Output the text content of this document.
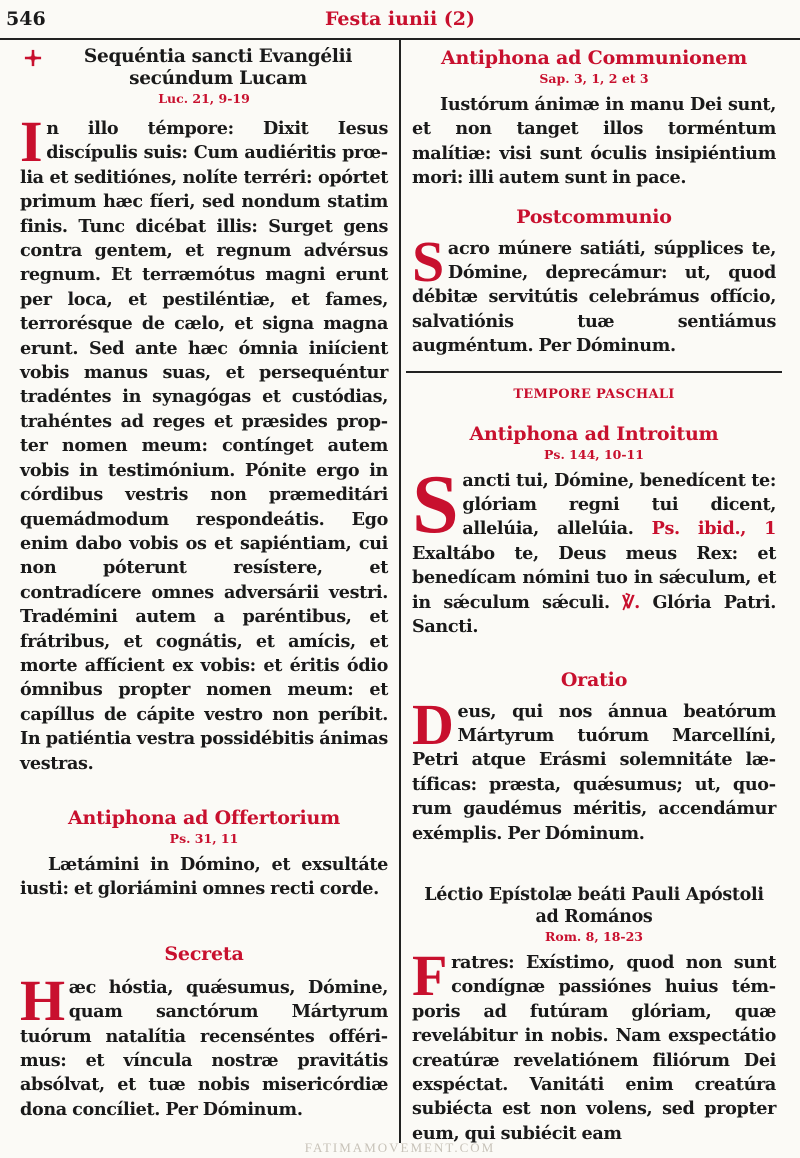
546	Festa iunii (2)
Sequéntia sancti Evangélii secúndum Lucam
Luc. 21, 9-19

In illo témpore: Dixit Iesus discípulis suis: Cum audiéritis prœlia et seditiónes, nolíte terréri: opórtet primum hæc fíeri, sed nondum statim finis. Tunc dicébat illis: Surget gens contra gentem, et regnum advérsus regnum. Et terræmótus magni erunt per loca, et pestiléntiæ, et fames, terrorésque de cælo, et signa magna erunt. Sed ante hæc ómnia iniícient vobis manus suas, et persequéntur tradéntes in synagógas et custódias, trahéntes ad reges et præsides propter nomen meum: contínget autem vobis in testimónium. Pónite ergo in córdibus vestris non præmeditári quemádmodum respondeátis. Ego enim dabo vobis os et sapiéntiam, cui non póterunt resístere, et contradícere omnes adversárii vestri. Tradémini autem a paréntibus, et frátribus, et cognátis, et amícis, et morte affícient ex vobis: et éritis ódio ómnibus propter nomen meum: et capíllus de cápite vestro non períbit. In patiéntia vestra possidébitis ánimas vestras.

Antiphona ad Offertorium
Ps. 31, 11

Lætámini in Dómino, et exsultáte iusti: et gloriámini omnes recti corde.

Secreta

Hæc hóstia, quǽsumus, Dómine, quam sanctórum Mártyrum tuórum natalítia recenséntes offérimus: et víncula nostræ pravitátis absólvat, et tuæ nobis misericórdiæ dona concíliet. Per Dóminum.

Antiphona ad Communionem
Sap. 3, 1, 2 et 3

Iustórum ánimæ in manu Dei sunt, et non tanget illos torméntum malítiæ: visi sunt óculis insipiéntium mori: illi autem sunt in pace.

Postcommunio

Sacro múnere satiáti, súpplices te, Dómine, deprecámur: ut, quod débitæ servitútis celebrámus offício, salvatiónis tuæ sentiámus augméntum. Per Dóminum.

TEMPORE PASCHALI
Antiphona ad Introitum
Ps. 144, 10-11

Sancti tui, Dómine, benedícent te: glóriam regni tui dicent, allelúia, allelúia. Ps. ibid., 1 Exaltábo te, Deus meus Rex: et benedícam nómini tuo in sǽculum, et in sǽculum sǽculi. ℣. Glória Patri. Sancti.

Oratio

Deus, qui nos ánnua beatórum Mártyrum tuórum Marcellíni, Petri atque Erásmi solemnitáte lætíficas: præsta, quǽsumus; ut, quorum gaudémus méritis, accendámur exémplis. Per Dóminum.

Léctio Epístolæ beáti Pauli Apóstoli ad Romános
Rom. 8, 18-23

Fratres: Exístimo, quod non sunt condígnæ passiónes huius témporis ad futúram glóriam, quæ revelábitur in nobis. Nam exspectátio creatúræ revelatiónem filiórum Dei exspéctat. Vanitáti enim creatúra subiécta est non volens, sed propter eum, qui subiécit eam

FATIMAMOVEMENT.COM
